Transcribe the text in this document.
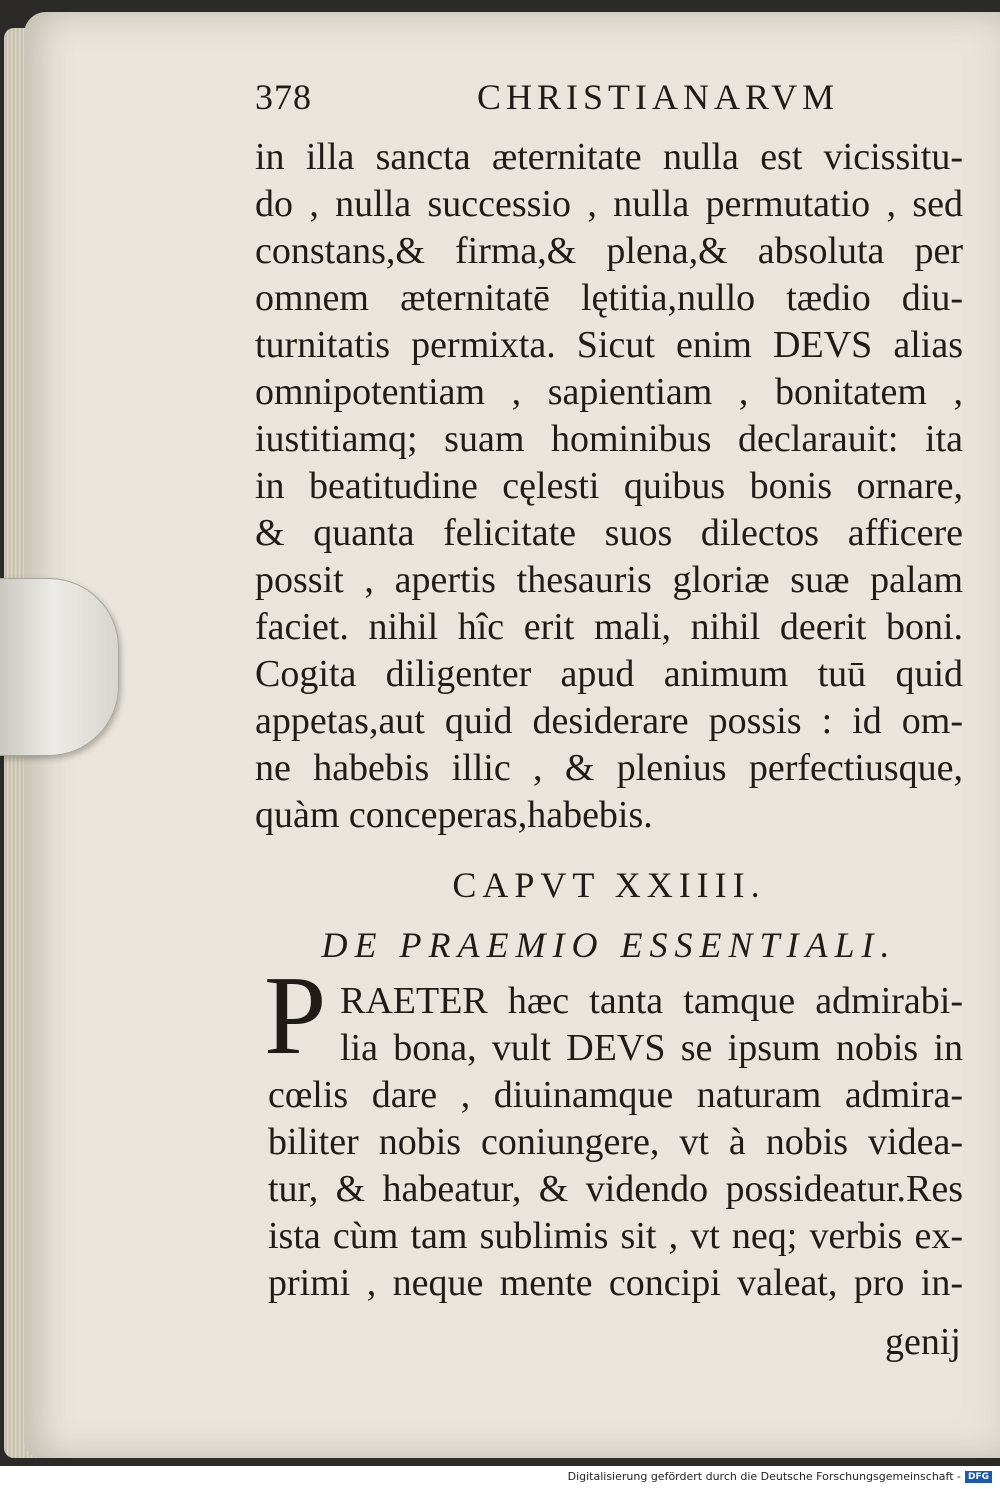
378	CHRISTIANARVM
in illa sancta æternitate nulla est vicissitu-
do , nulla successio , nulla permutatio , sed
constans,& firma,& plena,& absoluta per
omnem æternitatē lętitia,nullo tædio diu-
turnitatis permixta. Sicut enim DEVS alias
omnipotentiam , sapientiam , bonitatem ,
iustitiamq; suam hominibus declarauit: ita
in beatitudine cęlesti quibus bonis ornare,
& quanta felicitate suos dilectos afficere
possit , apertis thesauris gloriæ suæ palam
faciet. nihil hîc erit mali, nihil deerit boni.
Cogita diligenter apud animum tuū quid
appetas,aut quid desiderare possis : id om-
ne habebis illic , & plenius perfectiusque,
quàm conceperas,habebis.
CAPVT XXIIII.
DE PRAEMIO ESSENTIALI.
P RAETER hæc tanta tamque admirabi-
lia bona, vult DEVS se ipsum nobis in
cœlis dare , diuinamque naturam admira-
biliter nobis coniungere, vt à nobis videa-
tur, & habeatur, & videndo possideatur.Res
ista cùm tam sublimis sit , vt neq; verbis ex-
primi , neque mente concipi valeat, pro in-
genij
Digitalisierung gefördert durch die Deutsche Forschungsgemeinschaft - DFG
